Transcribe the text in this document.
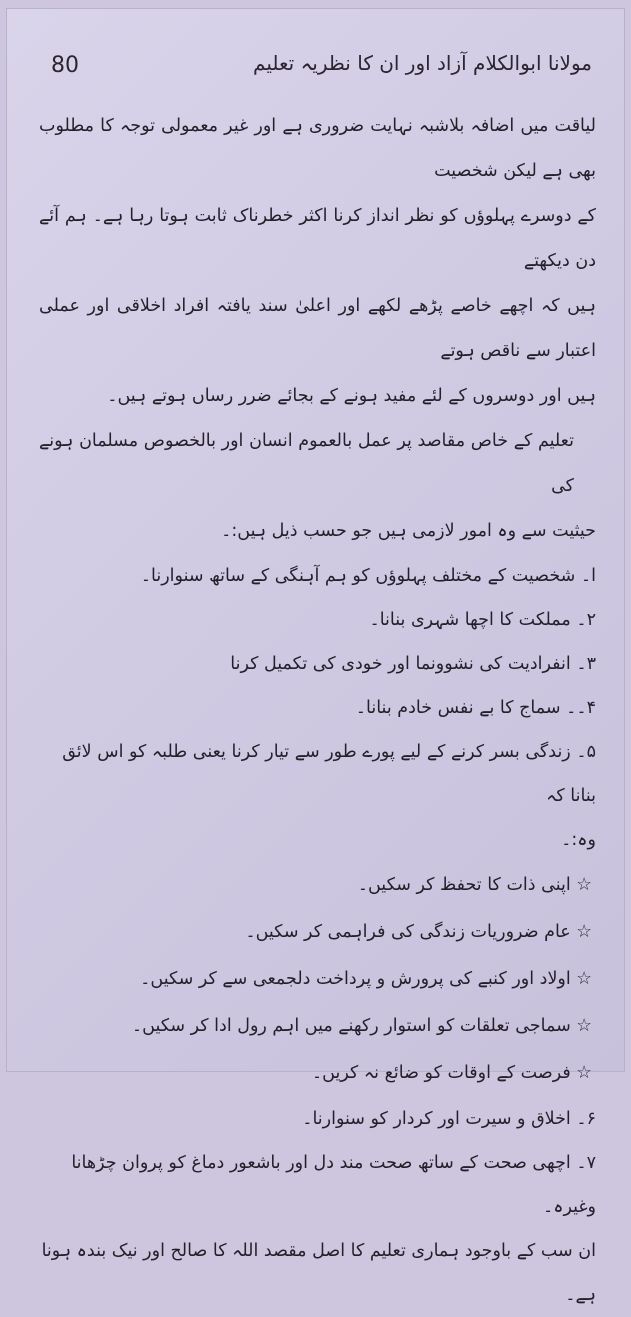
80	مولانا ابوالکلام آزاد اور ان کا نظریہ تعلیم

لیاقت میں اضافہ بلاشبہ نہایت ضروری ہے اور غیر معمولی توجہ کا مطلوب بھی ہے لیکن شخصیت

کے دوسرے پہلوؤں کو نظر انداز کرنا اکثر خطرناک ثابت ہوتا رہا ہے۔ ہم آئے دن دیکھتے

ہیں کہ اچھے خاصے پڑھے لکھے اور اعلیٰ سند یافتہ افراد اخلاقی اور عملی اعتبار سے ناقص ہوتے

ہیں اور دوسروں کے لئے مفید ہونے کے بجائے ضرر رساں ہوتے ہیں۔

تعلیم کے خاص مقاصد پر عمل بالعموم انسان اور بالخصوص مسلمان ہونے کی

حیثیت سے وہ امور لازمی ہیں جو حسب ذیل ہیں:۔

ا۔ شخصیت کے مختلف پہلوؤں کو ہم آہنگی کے ساتھ سنوارنا۔

۲۔ مملکت کا اچھا شہری بنانا۔

۳۔ انفرادیت کی نشوونما اور خودی کی تکمیل کرنا

۴۔۔ سماج کا بے نفس خادم بنانا۔

۵۔ زندگی بسر کرنے کے لیے پورے طور سے تیار کرنا یعنی طلبہ کو اس لائق بنانا کہ

وہ:۔

☆ اپنی ذات کا تحفظ کر سکیں۔

☆ عام ضروریات زندگی کی فراہمی کر سکیں۔

☆ اولاد اور کنبے کی پرورش و پرداخت دلجمعی سے کر سکیں۔

☆ سماجی تعلقات کو استوار رکھنے میں اہم رول ادا کر سکیں۔

☆ فرصت کے اوقات کو ضائع نہ کریں۔

۶۔ اخلاق و سیرت اور کردار کو سنوارنا۔

۷۔ اچھی صحت کے ساتھ صحت مند دل اور باشعور دماغ کو پروان چڑھانا وغیرہ۔

ان سب کے باوجود ہماری تعلیم کا اصل مقصد اللہ کا صالح اور نیک بندہ ہونا ہے۔
